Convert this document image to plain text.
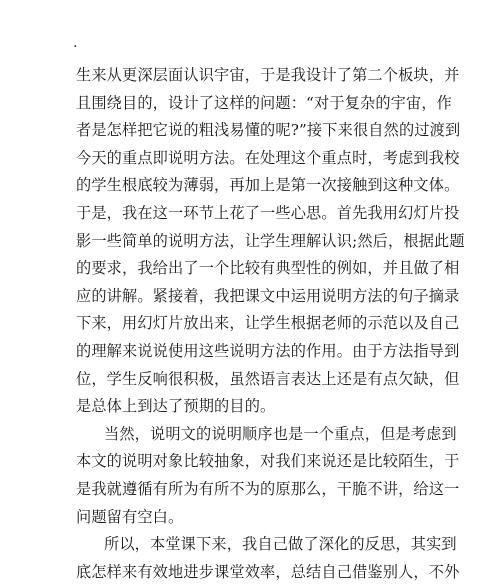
.
生来从更深层面认识宇宙，于是我设计了第二个板块，并
且围绕目的，设计了这样的问题：“对于复杂的宇宙，作
者是怎样把它说的粗浅易懂的呢?”接下来很自然的过渡到
今天的重点即说明方法。在处理这个重点时，考虑到我校
的学生根底较为薄弱，再加上是第一次接触到这种文体。
于是，我在这一环节上花了一些心思。首先我用幻灯片投
影一些简单的说明方法，让学生理解认识;然后，根据此题
的要求，我给出了一个比较有典型性的例如，并且做了相
应的讲解。紧接着，我把课文中运用说明方法的句子摘录
下来，用幻灯片放出来，让学生根据老师的示范以及自己
的理解来说说使用这些说明方法的作用。由于方法指导到
位，学生反响很积极，虽然语言表达上还是有点欠缺，但
是总体上到达了预期的目的。
当然，说明文的说明顺序也是一个重点，但是考虑到
本文的说明对象比较抽象，对我们来说还是比较陌生，于
是我就遵循有所为有所不为的原那么，干脆不讲，给这一
问题留有空白。
所以，本堂课下来，我自己做了深化的反思，其实到
底怎样来有效地进步课堂效率，总结自己借鉴别人，不外
